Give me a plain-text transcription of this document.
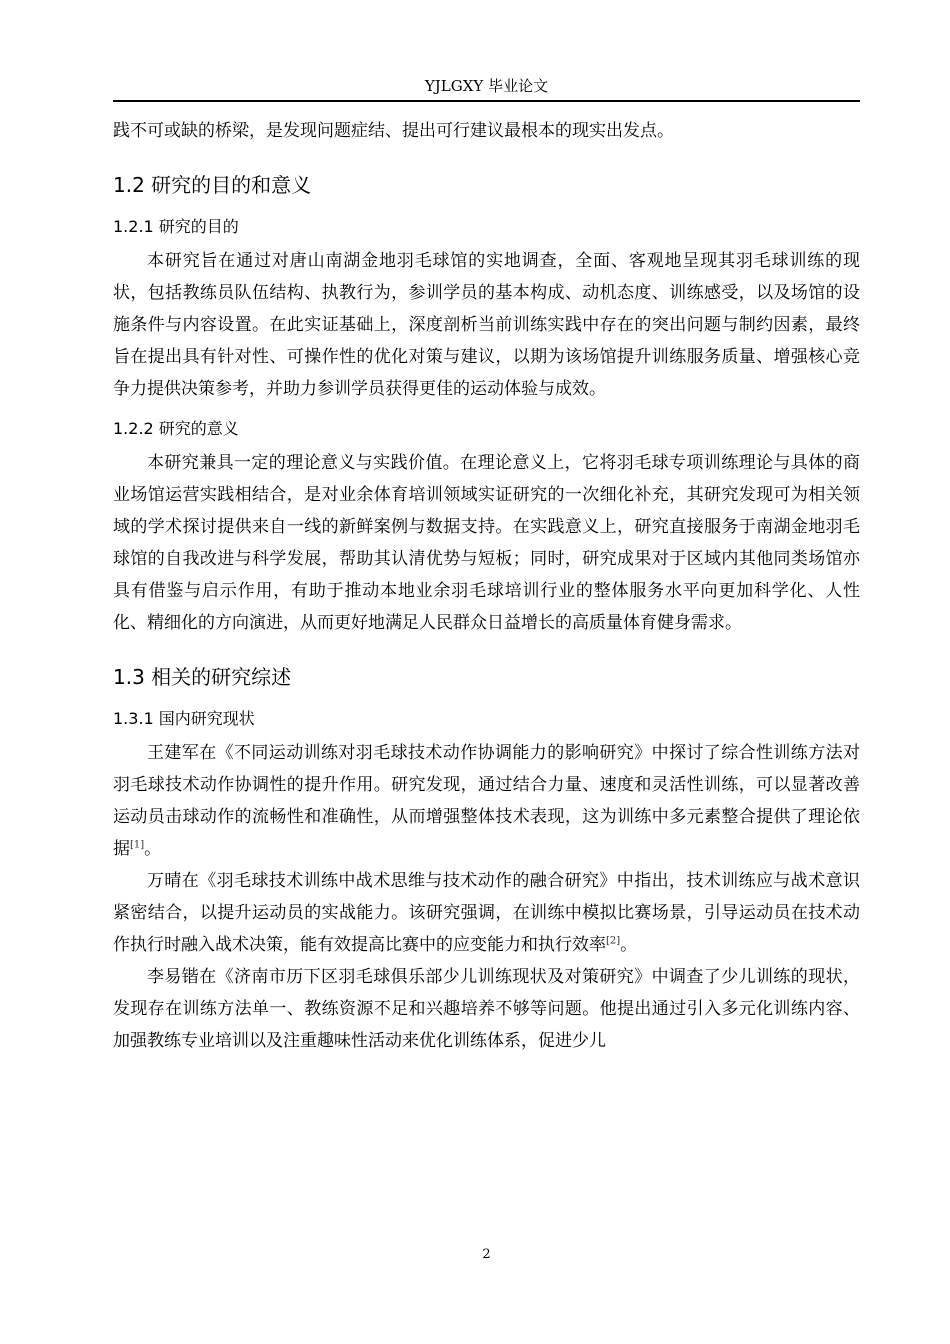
YJLGXY 毕业论文

践不可或缺的桥梁，是发现问题症结、提出可行建议最根本的现实出发点。

1.2 研究的目的和意义
1.2.1 研究的目的

本研究旨在通过对唐山南湖金地羽毛球馆的实地调查，全面、客观地呈现其羽毛球训练的现状，包括教练员队伍结构、执教行为，参训学员的基本构成、动机态度、训练感受，以及场馆的设施条件与内容设置。在此实证基础上，深度剖析当前训练实践中存在的突出问题与制约因素，最终旨在提出具有针对性、可操作性的优化对策与建议，以期为该场馆提升训练服务质量、增强核心竞争力提供决策参考，并助力参训学员获得更佳的运动体验与成效。

1.2.2 研究的意义

本研究兼具一定的理论意义与实践价值。在理论意义上，它将羽毛球专项训练理论与具体的商业场馆运营实践相结合，是对业余体育培训领域实证研究的一次细化补充，其研究发现可为相关领域的学术探讨提供来自一线的新鲜案例与数据支持。在实践意义上，研究直接服务于南湖金地羽毛球馆的自我改进与科学发展，帮助其认清优势与短板；同时，研究成果对于区域内其他同类场馆亦具有借鉴与启示作用，有助于推动本地业余羽毛球培训行业的整体服务水平向更加科学化、人性化、精细化的方向演进，从而更好地满足人民群众日益增长的高质量体育健身需求。

1.3 相关的研究综述
1.3.1 国内研究现状

王建军在《不同运动训练对羽毛球技术动作协调能力的影响研究》中探讨了综合性训练方法对羽毛球技术动作协调性的提升作用。研究发现，通过结合力量、速度和灵活性训练，可以显著改善运动员击球动作的流畅性和准确性，从而增强整体技术表现，这为训练中多元素整合提供了理论依据[1]。

万晴在《羽毛球技术训练中战术思维与技术动作的融合研究》中指出，技术训练应与战术意识紧密结合，以提升运动员的实战能力。该研究强调，在训练中模拟比赛场景，引导运动员在技术动作执行时融入战术决策，能有效提高比赛中的应变能力和执行效率[2]。

李易锴在《济南市历下区羽毛球俱乐部少儿训练现状及对策研究》中调查了少儿训练的现状，发现存在训练方法单一、教练资源不足和兴趣培养不够等问题。他提出通过引入多元化训练内容、加强教练专业培训以及注重趣味性活动来优化训练体系，促进少儿

2
